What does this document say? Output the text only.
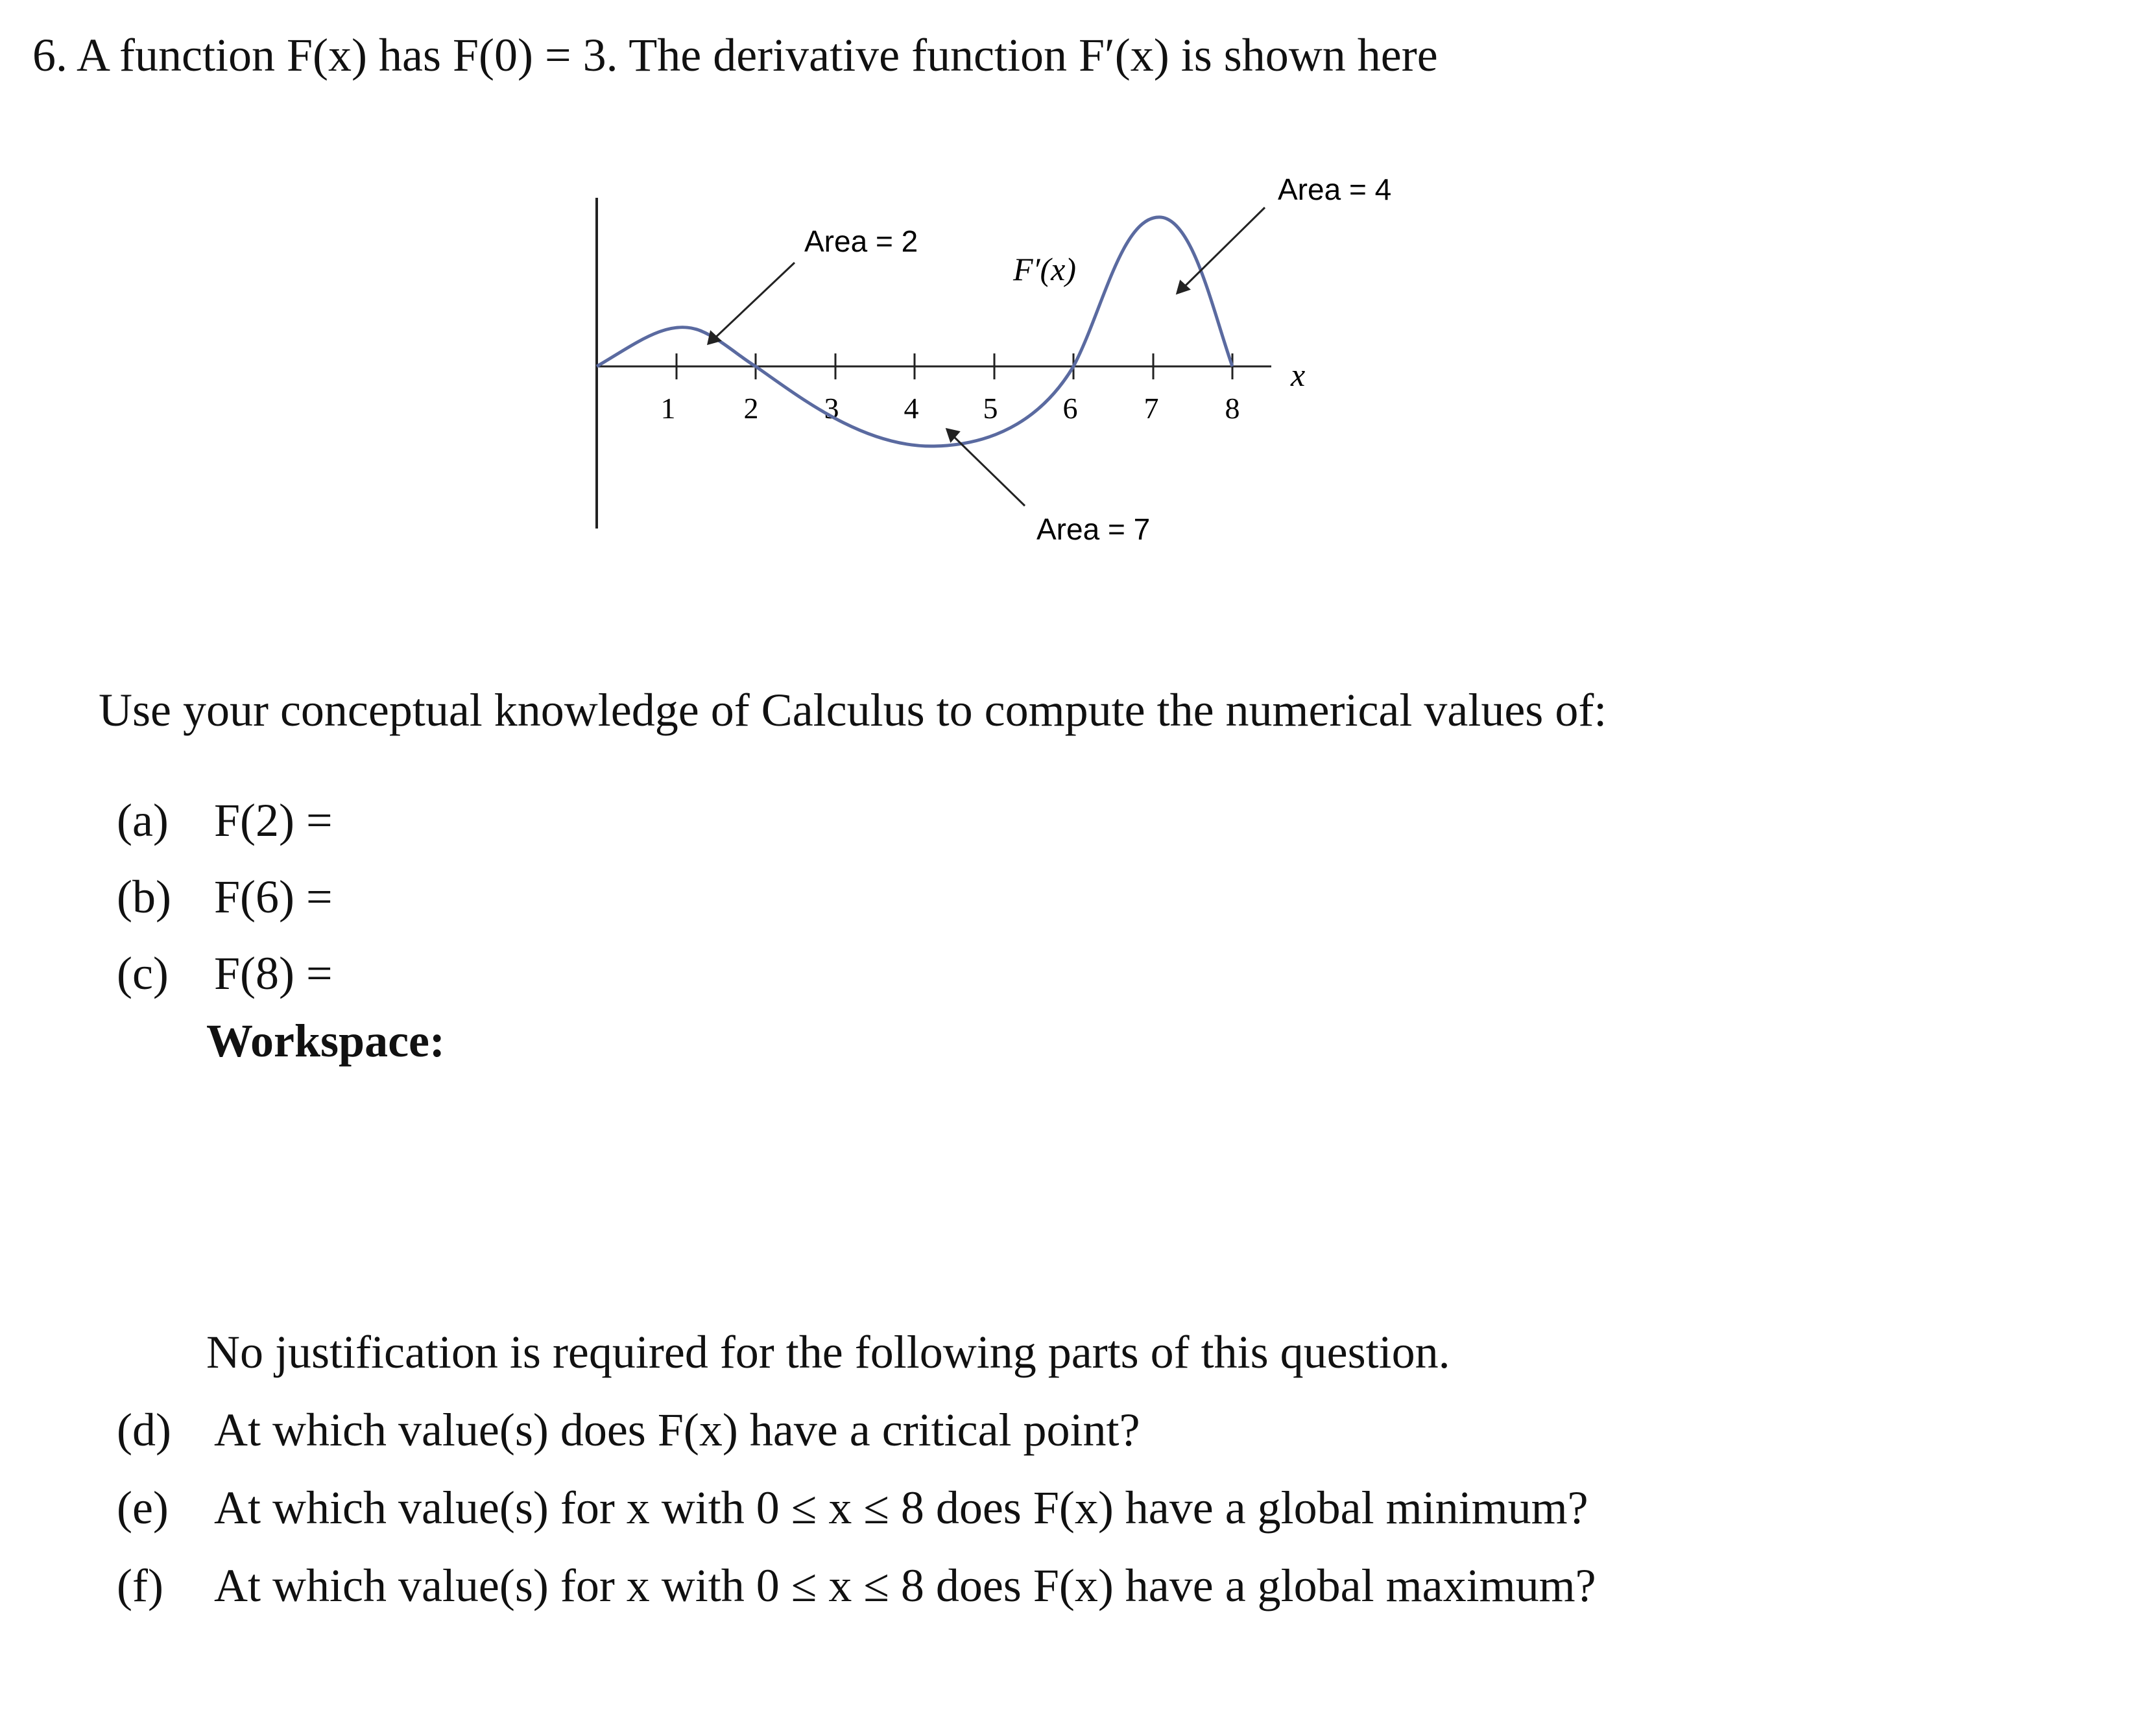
6. A function F(x) has F(0) = 3. The derivative function F′(x) is shown here
1 2 3 4 5 6 7 8
Area = 2
Area = 7
Area = 4
F′(x)
x
Use your conceptual knowledge of Calculus to compute the numerical values of:
(a) F(2) =
(b) F(6) =
(c) F(8) =
Workspace:
No justification is required for the following parts of this question.
(d) At which value(s) does F(x) have a critical point?
(e) At which value(s) for x with 0 ≤ x ≤ 8 does F(x) have a global minimum?
(f) At which value(s) for x with 0 ≤ x ≤ 8 does F(x) have a global maximum?
